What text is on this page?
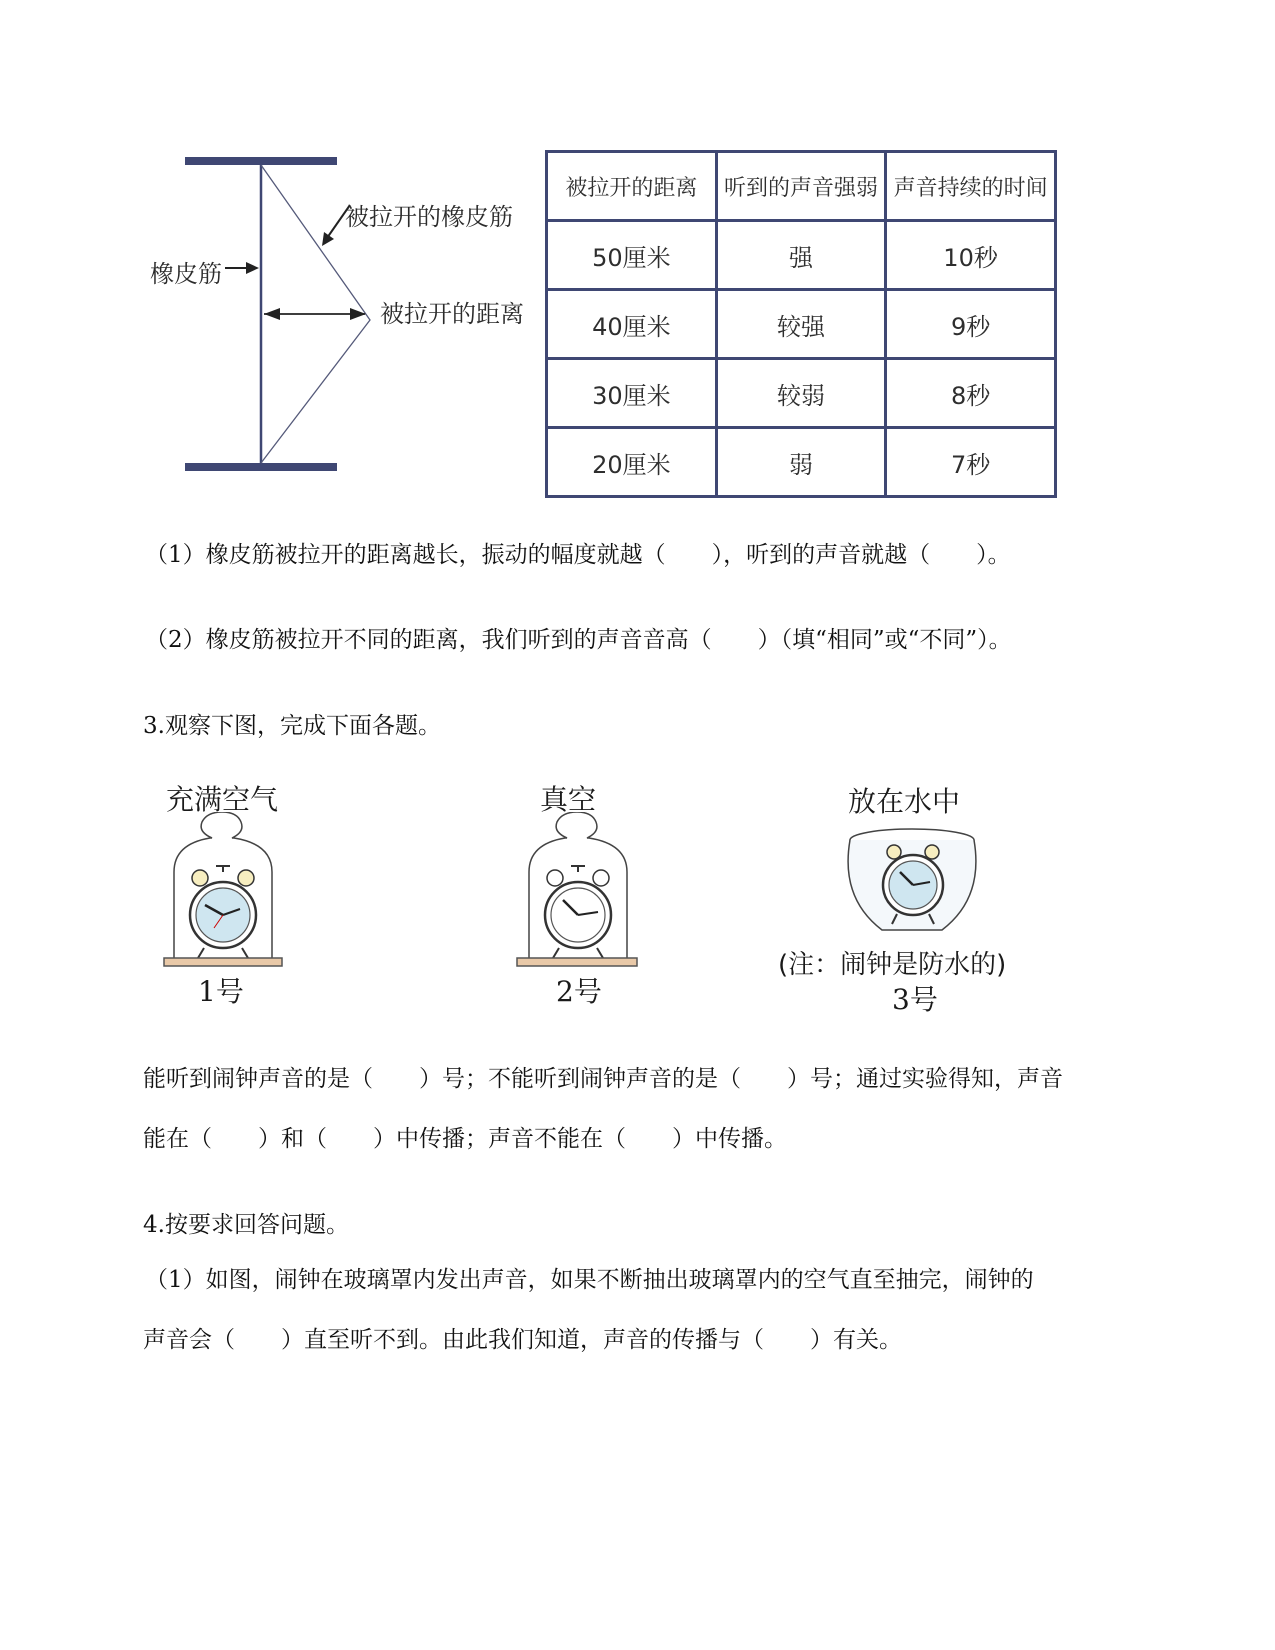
橡皮筋
被拉开的橡皮筋
被拉开的距离
被拉开的距离	听到的声音强弱	声音持续的时间
50厘米	强	10秒
40厘米	较强	9秒
30厘米	较弱	8秒
20厘米	弱	7秒
（1）橡皮筋被拉开的距离越长，振动的幅度就越（　　），听到的声音就越（　　）。
（2）橡皮筋被拉开不同的距离，我们听到的声音音高（　　）（填“相同”或“不同”）。
3.观察下图，完成下面各题。
充满空气
1号
真空
2号
放在水中
(注：闹钟是防水的)
3号
能听到闹钟声音的是（　　）号；不能听到闹钟声音的是（　　）号；通过实验得知，声音
能在（　　）和（　　）中传播；声音不能在（　　）中传播。
4.按要求回答问题。
（1）如图，闹钟在玻璃罩内发出声音，如果不断抽出玻璃罩内的空气直至抽完，闹钟的
声音会（　　）直至听不到。由此我们知道，声音的传播与（　　）有关。
